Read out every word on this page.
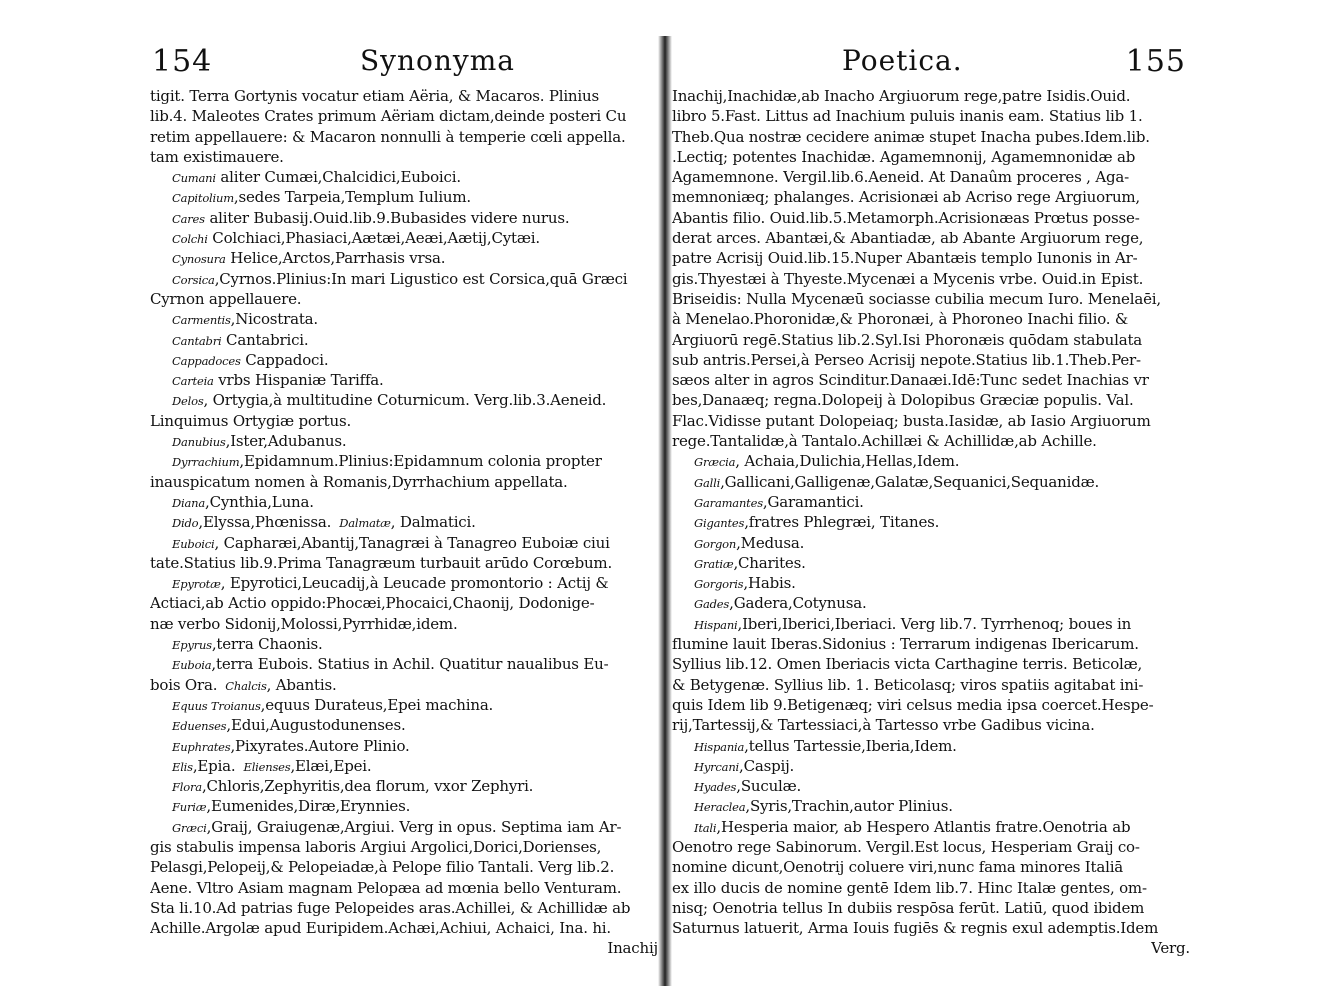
154	Synonyma
tigit. Terra Gortynis vocatur etiam Aëria, & Macaros. Plinius
lib.4. Maleotes Crates primum Aëriam dictam,deinde posteri Cu
retim appellauere: & Macaron nonnulli à temperie cœli appella.
tam existimauere.
Cumani aliter Cumæi,Chalcidici,Euboici.
Capitolium,sedes Tarpeia,Templum Iulium.
Cares aliter Bubasij.Ouid.lib.9.Bubasides videre nurus.
Colchi Colchiaci,Phasiaci,Aætæi,Aeæi,Aætij,Cytæi.
Cynosura Helice,Arctos,Parrhasis vrsa.
Corsica,Cyrnos.Plinius:In mari Ligustico est Corsica,quā Græci
Cyrnon appellauere.
Carmentis,Nicostrata.
Cantabri Cantabrici.
Cappadoces Cappadoci.
Carteia vrbs Hispaniæ Tariffa.
Delos, Ortygia,à multitudine Coturnicum. Verg.lib.3.Aeneid.
Linquimus Ortygiæ portus.
Danubius,Ister,Adubanus.
Dyrrachium,Epidamnum.Plinius:Epidamnum colonia propter
inauspicatum nomen à Romanis,Dyrrhachium appellata.
Diana,Cynthia,Luna.
Dido,Elyssa,Phœnissa. Dalmatæ, Dalmatici.
Euboici, Capharæi,Abantij,Tanagræi à Tanagreo Euboiæ ciui
tate.Statius lib.9.Prima Tanagræum turbauit arūdo Corœbum.
Epyrotæ, Epyrotici,Leucadij,à Leucade promontorio : Actij &
Actiaci,ab Actio oppido:Phocæi,Phocaici,Chaonij, Dodonige-
næ verbo Sidonij,Molossi,Pyrrhidæ,idem.
Epyrus,terra Chaonis.
Euboia,terra Eubois. Statius in Achil. Quatitur naualibus Eu-
bois Ora. Chalcis, Abantis.
Equus Troianus,equus Durateus,Epei machina.
Eduenses,Edui,Augustodunenses.
Euphrates,Pixyrates.Autore Plinio.
Elis,Epia. Elienses,Elæi,Epei.
Flora,Chloris,Zephyritis,dea florum, vxor Zephyri.
Furiæ,Eumenides,Diræ,Erynnies.
Græci,Graij, Graiugenæ,Argiui. Verg in opus. Septima iam Ar-
gis stabulis impensa laboris Argiui Argolici,Dorici,Dorienses,
Pelasgi,Pelopeij,& Pelopeiadæ,à Pelope filio Tantali. Verg lib.2.
Aene. Vltro Asiam magnam Pelopæa ad mœnia bello Venturam.
Sta li.10.Ad patrias fuge Pelopeides aras.Achillei, & Achillidæ ab
Achille.Argolæ apud Euripidem.Achæi,Achiui, Achaici, Ina. hi.
Inachij
Poetica.	155
Inachij,Inachidæ,ab Inacho Argiuorum rege,patre Isidis.Ouid.
libro 5.Fast. Littus ad Inachium puluis inanis eam. Statius lib 1.
Theb.Qua nostræ cecidere animæ stupet Inacha pubes.Idem.lib.
.Lectiq; potentes Inachidæ. Agamemnonij, Agamemnonidæ ab
Agamemnone. Vergil.lib.6.Aeneid. At Danaûm proceres , Aga-
memnoniæq; phalanges. Acrisionæi ab Acriso rege Argiuorum,
Abantis filio. Ouid.lib.5.Metamorph.Acrisionæas Prœtus posse-
derat arces. Abantæi,& Abantiadæ, ab Abante Argiuorum rege,
patre Acrisij Ouid.lib.15.Nuper Abantæis templo Iunonis in Ar-
gis.Thyestæi à Thyeste.Mycenæi a Mycenis vrbe. Ouid.in Epist.
Briseidis: Nulla Mycenæū sociasse cubilia mecum Iuro. Menelaēi,
à Menelao.Phoronidæ,& Phoronæi, à Phoroneo Inachi filio. &
Argiuorū regē.Statius lib.2.Syl.Isi Phoronæis quōdam stabulata
sub antris.Persei,à Perseo Acrisij nepote.Statius lib.1.Theb.Per-
sæos alter in agros Scinditur.Danaæi.Idē:Tunc sedet Inachias vr
bes,Danaæq; regna.Dolopeij à Dolopibus Græciæ populis. Val.
Flac.Vidisse putant Dolopeiaq; busta.Iasidæ, ab Iasio Argiuorum
rege.Tantalidæ,à Tantalo.Achillæi & Achillidæ,ab Achille.
Græcia, Achaia,Dulichia,Hellas,Idem.
Galli,Gallicani,Galligenæ,Galatæ,Sequanici,Sequanidæ.
Garamantes,Garamantici.
Gigantes,fratres Phlegræi, Titanes.
Gorgon,Medusa.
Gratiæ,Charites.
Gorgoris,Habis.
Gades,Gadera,Cotynusa.
Hispani,Iberi,Iberici,Iberiaci. Verg lib.7. Tyrrhenoq; boues in
flumine lauit Iberas.Sidonius : Terrarum indigenas Ibericarum.
Syllius lib.12. Omen Iberiacis victa Carthagine terris. Beticolæ,
& Betygenæ. Syllius lib. 1. Beticolasq; viros spatiis agitabat ini-
quis Idem lib 9.Betigenæq; viri celsus media ipsa coercet.Hespe-
rij,Tartessij,& Tartessiaci,à Tartesso vrbe Gadibus vicina.
Hispania,tellus Tartessie,Iberia,Idem.
Hyrcani,Caspij.
Hyades,Suculæ.
Heraclea,Syris,Trachin,autor Plinius.
Itali,Hesperia maior, ab Hespero Atlantis fratre.Oenotria ab
Oenotro rege Sabinorum. Vergil.Est locus, Hesperiam Graij co-
nomine dicunt,Oenotrij coluere viri,nunc fama minores Italiā
ex illo ducis de nomine gentē Idem lib.7. Hinc Italæ gentes, om-
nisq; Oenotria tellus In dubiis respōsa ferūt. Latiū, quod ibidem
Saturnus latuerit, Arma Iouis fugiēs & regnis exul ademptis.Idem
Verg.
